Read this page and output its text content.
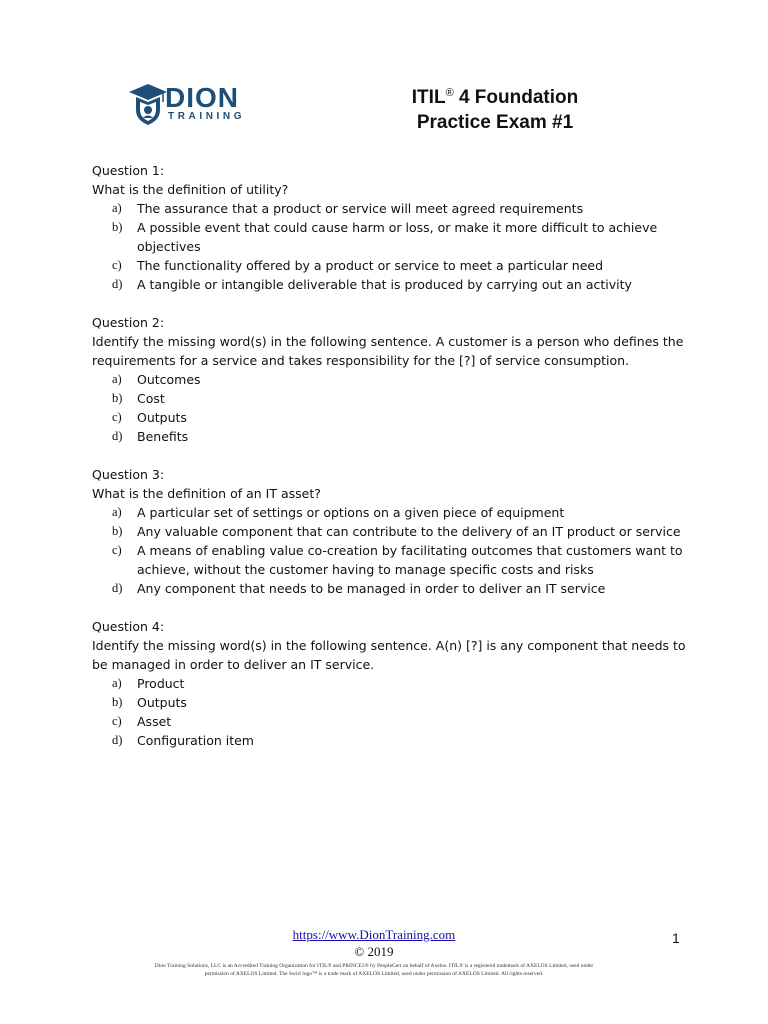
DION
TRAINING
ITIL® 4 Foundation
Practice Exam #1
Question 1:
What is the definition of utility?
a) The assurance that a product or service will meet agreed requirements
b) A possible event that could cause harm or loss, or make it more difficult to achieve objectives
c) The functionality offered by a product or service to meet a particular need
d) A tangible or intangible deliverable that is produced by carrying out an activity
Question 2:
Identify the missing word(s) in the following sentence. A customer is a person who defines the requirements for a service and takes responsibility for the [?] of service consumption.
a) Outcomes
b) Cost
c) Outputs
d) Benefits
Question 3:
What is the definition of an IT asset?
a) A particular set of settings or options on a given piece of equipment
b) Any valuable component that can contribute to the delivery of an IT product or service
c) A means of enabling value co-creation by facilitating outcomes that customers want to achieve, without the customer having to manage specific costs and risks
d) Any component that needs to be managed in order to deliver an IT service
Question 4:
Identify the missing word(s) in the following sentence. A(n) [?] is any component that needs to be managed in order to deliver an IT service.
a) Product
b) Outputs
c) Asset
d) Configuration item
https://www.DionTraining.com
© 2019
1
Dion Training Solutions, LLC is an Accredited Training Organization for ITIL® and PRINCE2® by PeopleCert on behalf of Axelos. ITIL® is a registered trademark of AXELOS Limited, used under
permission of AXELOS Limited. The Swirl logo™ is a trade mark of AXELOS Limited, used under permission of AXELOS Limited. All rights reserved.
